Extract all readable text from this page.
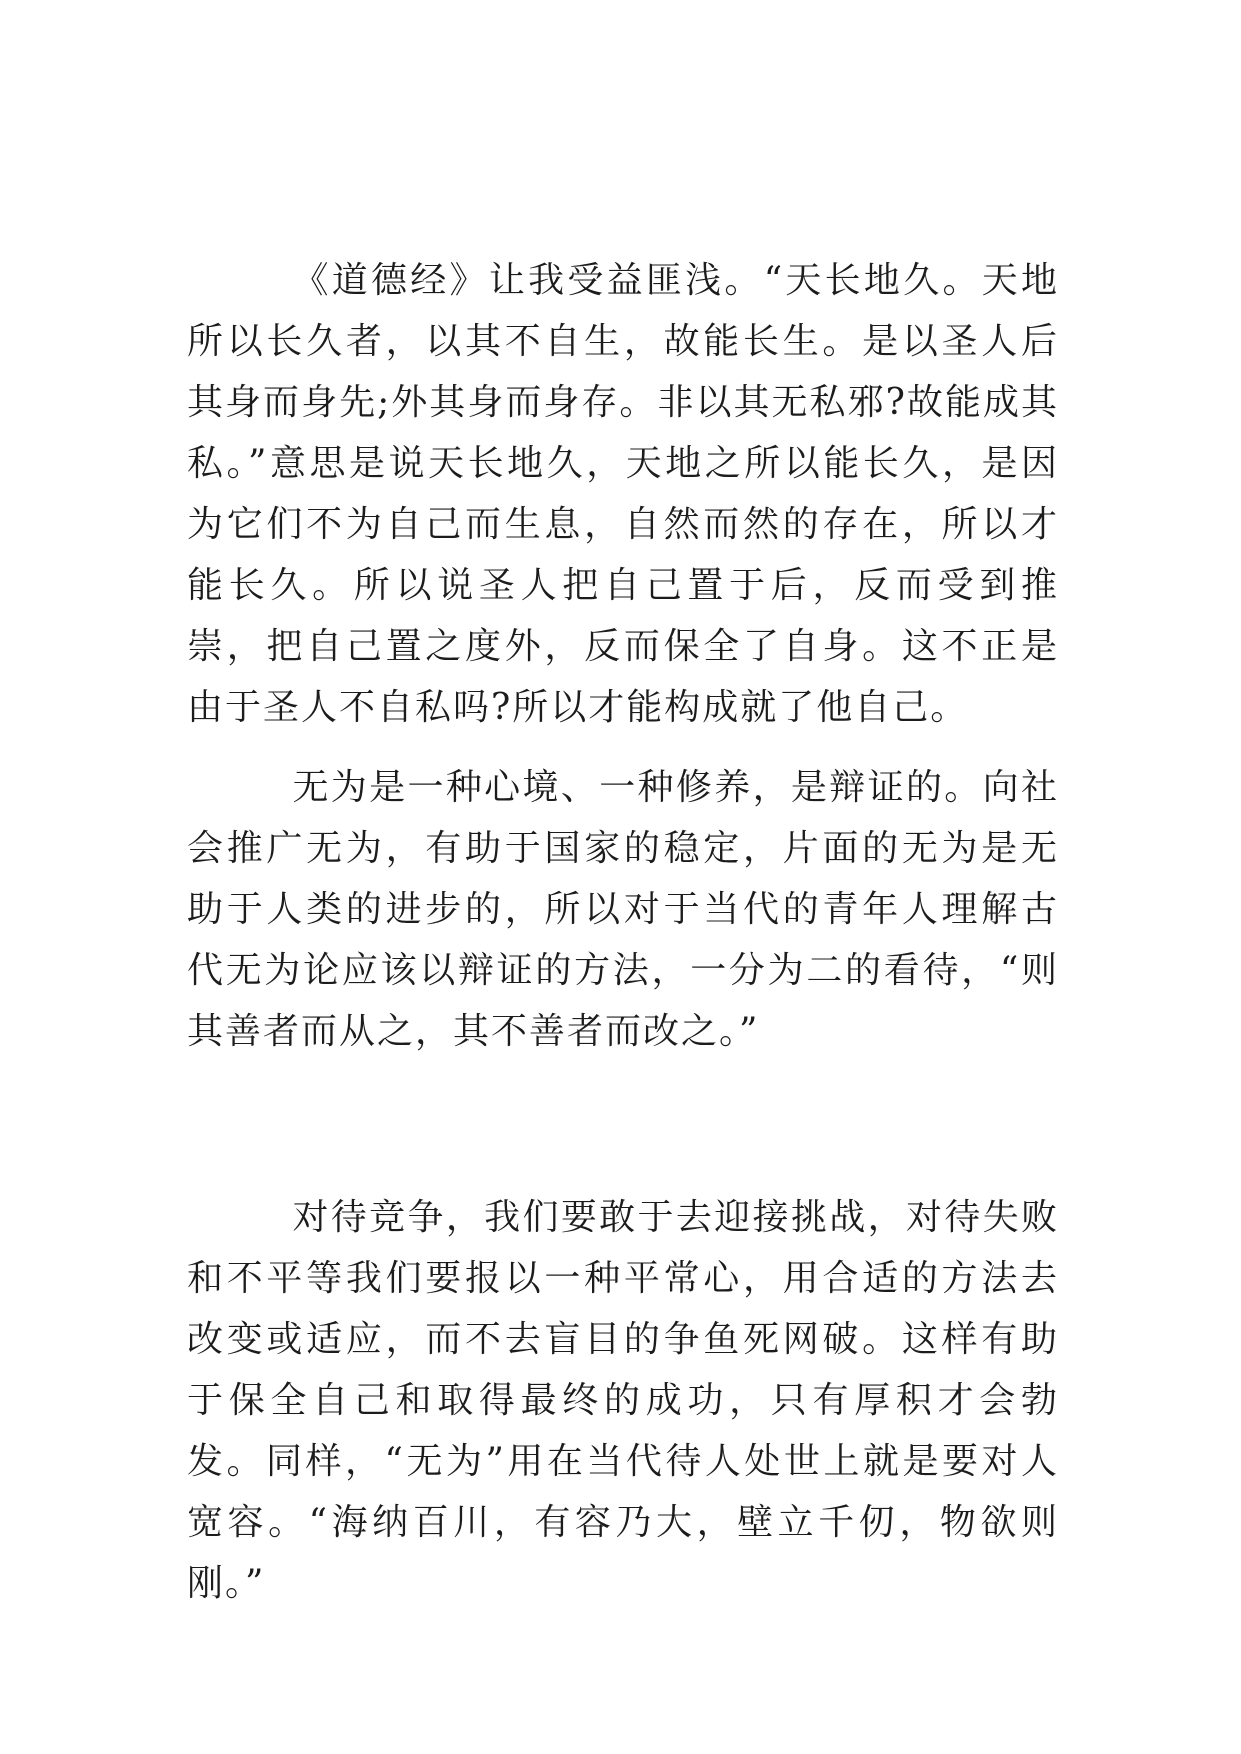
《道德经》让我受益匪浅。“天长地久。天地所以长久者，以其不自生，故能长生。是以圣人后其身而身先;外其身而身存。非以其无私邪?故能成其私。”意思是说天长地久，天地之所以能长久，是因为它们不为自己而生息，自然而然的存在，所以才能长久。所以说圣人把自己置于后，反而受到推崇，把自己置之度外，反而保全了自身。这不正是由于圣人不自私吗?所以才能构成就了他自己。

无为是一种心境、一种修养，是辩证的。向社会推广无为，有助于国家的稳定，片面的无为是无助于人类的进步的，所以对于当代的青年人理解古代无为论应该以辩证的方法，一分为二的看待，“则其善者而从之，其不善者而改之。”

对待竞争，我们要敢于去迎接挑战，对待失败和不平等我们要报以一种平常心，用合适的方法去改变或适应，而不去盲目的争鱼死网破。这样有助于保全自己和取得最终的成功，只有厚积才会勃发。同样，“无为”用在当代待人处世上就是要对人宽容。“海纳百川，有容乃大，壁立千仞，物欲则刚。”
